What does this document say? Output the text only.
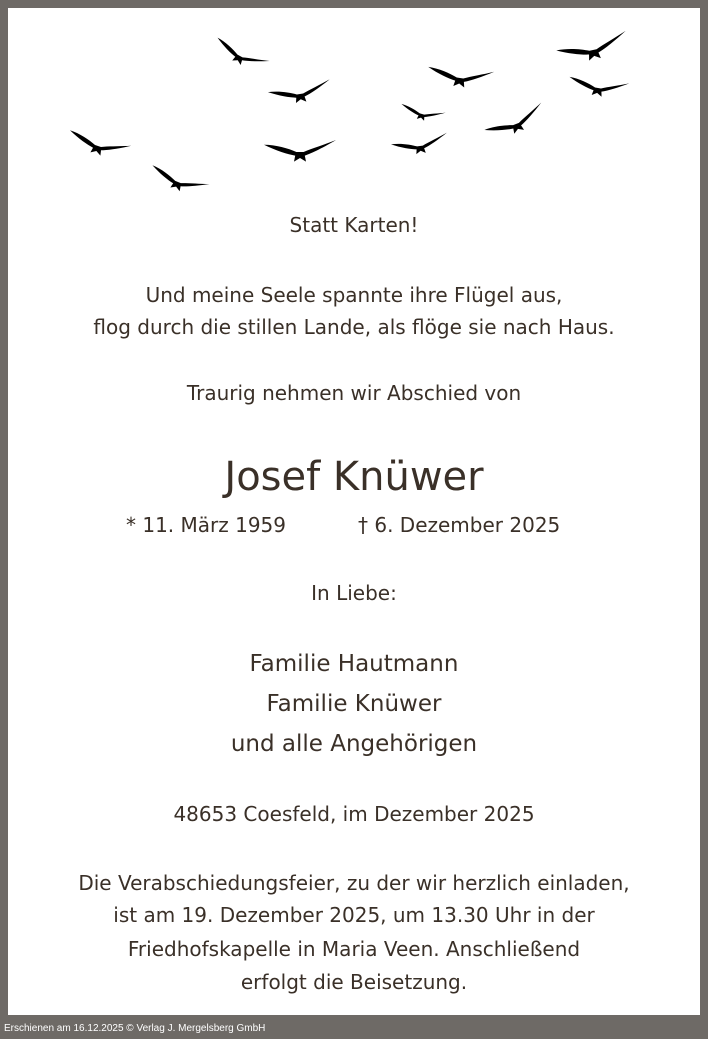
Statt Karten!
Und meine Seele spannte ihre Flügel aus,
flog durch die stillen Lande, als flöge sie nach Haus.
Traurig nehmen wir Abschied von
Josef Knüwer
* 11. März 1959	† 6. Dezember 2025
In Liebe:
Familie Hautmann
Familie Knüwer
und alle Angehörigen
48653 Coesfeld, im Dezember 2025
Die Verabschiedungsfeier, zu der wir herzlich einladen,
ist am 19. Dezember 2025, um 13.30 Uhr in der
Friedhofskapelle in Maria Veen. Anschließend
erfolgt die Beisetzung.
Erschienen am 16.12.2025 © Verlag J. Mergelsberg GmbH
